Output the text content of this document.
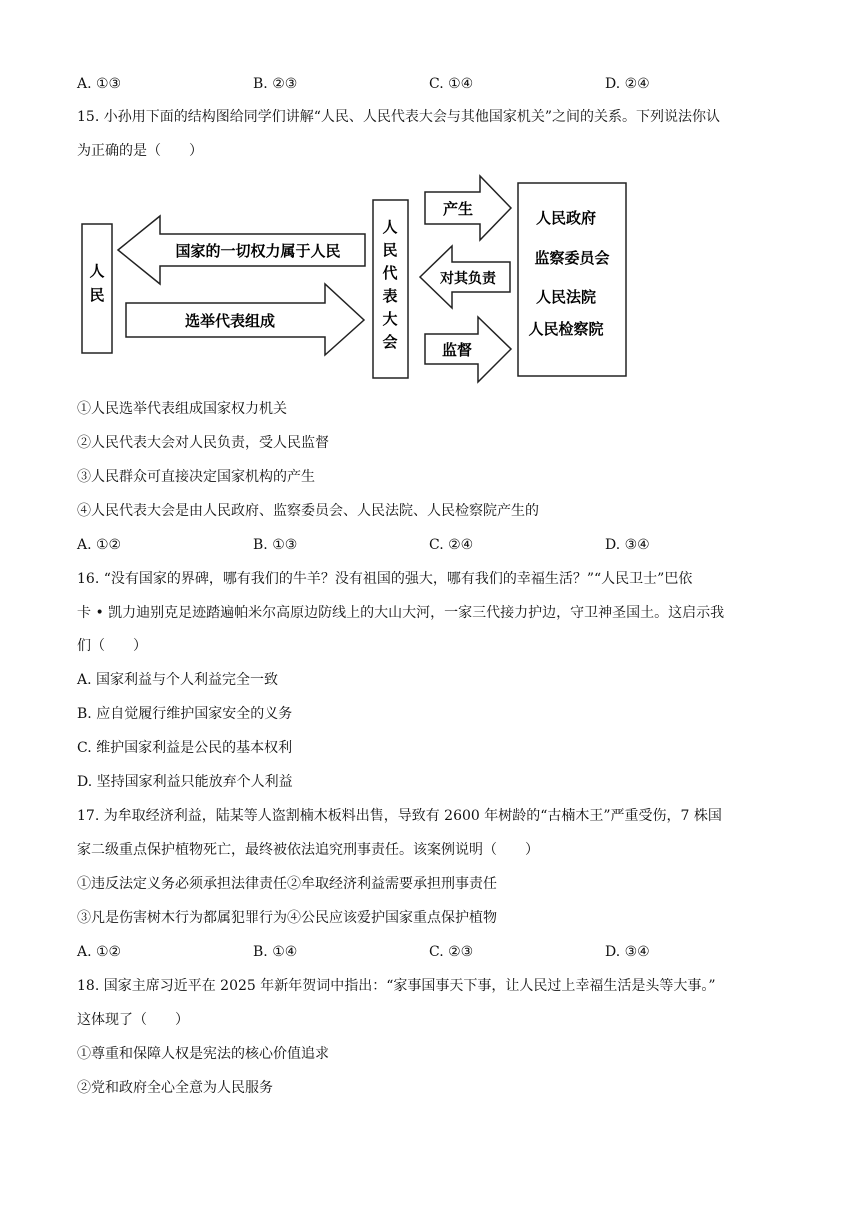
A. ①③	B. ②③	C. ①④	D. ②④
15. 小孙用下面的结构图给同学们讲解“人民、人民代表大会与其他国家机关”之间的关系。下列说法你认
为正确的是（　　）
人
民
国家的一切权力属于人民
选举代表组成
人
民
代
表
大
会
产生
对其负责
监督
人民政府
监察委员会
人民法院
人民检察院
①人民选举代表组成国家权力机关
②人民代表大会对人民负责，受人民监督
③人民群众可直接决定国家机构的产生
④人民代表大会是由人民政府、监察委员会、人民法院、人民检察院产生的
A. ①②	B. ①③	C. ②④	D. ③④
16. “没有国家的界碑，哪有我们的牛羊？没有祖国的强大，哪有我们的幸福生活？”“人民卫士”巴依
卡 • 凯力迪别克足迹踏遍帕米尔高原边防线上的大山大河，一家三代接力护边，守卫神圣国土。这启示我
们（　　）
A. 国家利益与个人利益完全一致
B. 应自觉履行维护国家安全的义务
C. 维护国家利益是公民的基本权利
D. 坚持国家利益只能放弃个人利益
17. 为牟取经济利益，陆某等人盗割楠木板料出售，导致有 2600 年树龄的“古楠木王”严重受伤，7 株国
家二级重点保护植物死亡，最终被依法追究刑事责任。该案例说明（　　）
①违反法定义务必须承担法律责任②牟取经济利益需要承担刑事责任
③凡是伤害树木行为都属犯罪行为④公民应该爱护国家重点保护植物
A. ①②	B. ①④	C. ②③	D. ③④
18. 国家主席习近平在 2025 年新年贺词中指出：“家事国事天下事，让人民过上幸福生活是头等大事。”
这体现了（　　）
①尊重和保障人权是宪法的核心价值追求
②党和政府全心全意为人民服务
